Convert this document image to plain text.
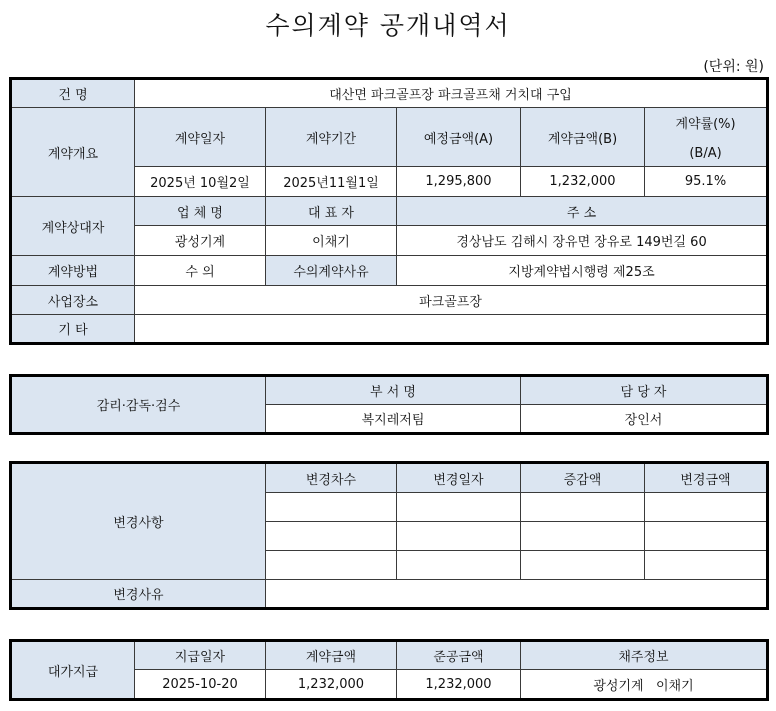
수의계약 공개내역서
(단위: 원)
건 명	대산면 파크골프장 파크골프채 거치대 구입				
계약개요	계약일자	계약기간	예정금액(A)	계약금액(B)	계약률(%)
(B/A)

	2025년 10월2일	2025년11월1일	1,295,800	1,232,000	95.1%
계약상대자	업 체 명	대 표 자	주 소		
	광성기계	이채기	경상남도 김해시 장유면 장유로 149번길 60		
계약방법	수 의	수의계약사유	지방계약법시행령 제25조		
사업장소	파크골프장				
기 타					
감리·감독·검수	부 서 명	담 당 자
	복지레저팀	장인서
변경사항	변경차수	변경일자	증감액	변경금액

변경사유				
대가지급	지급일자	계약금액	준공금액	채주정보
	2025-10-20	1,232,000	1,232,000	광성기계   이채기
